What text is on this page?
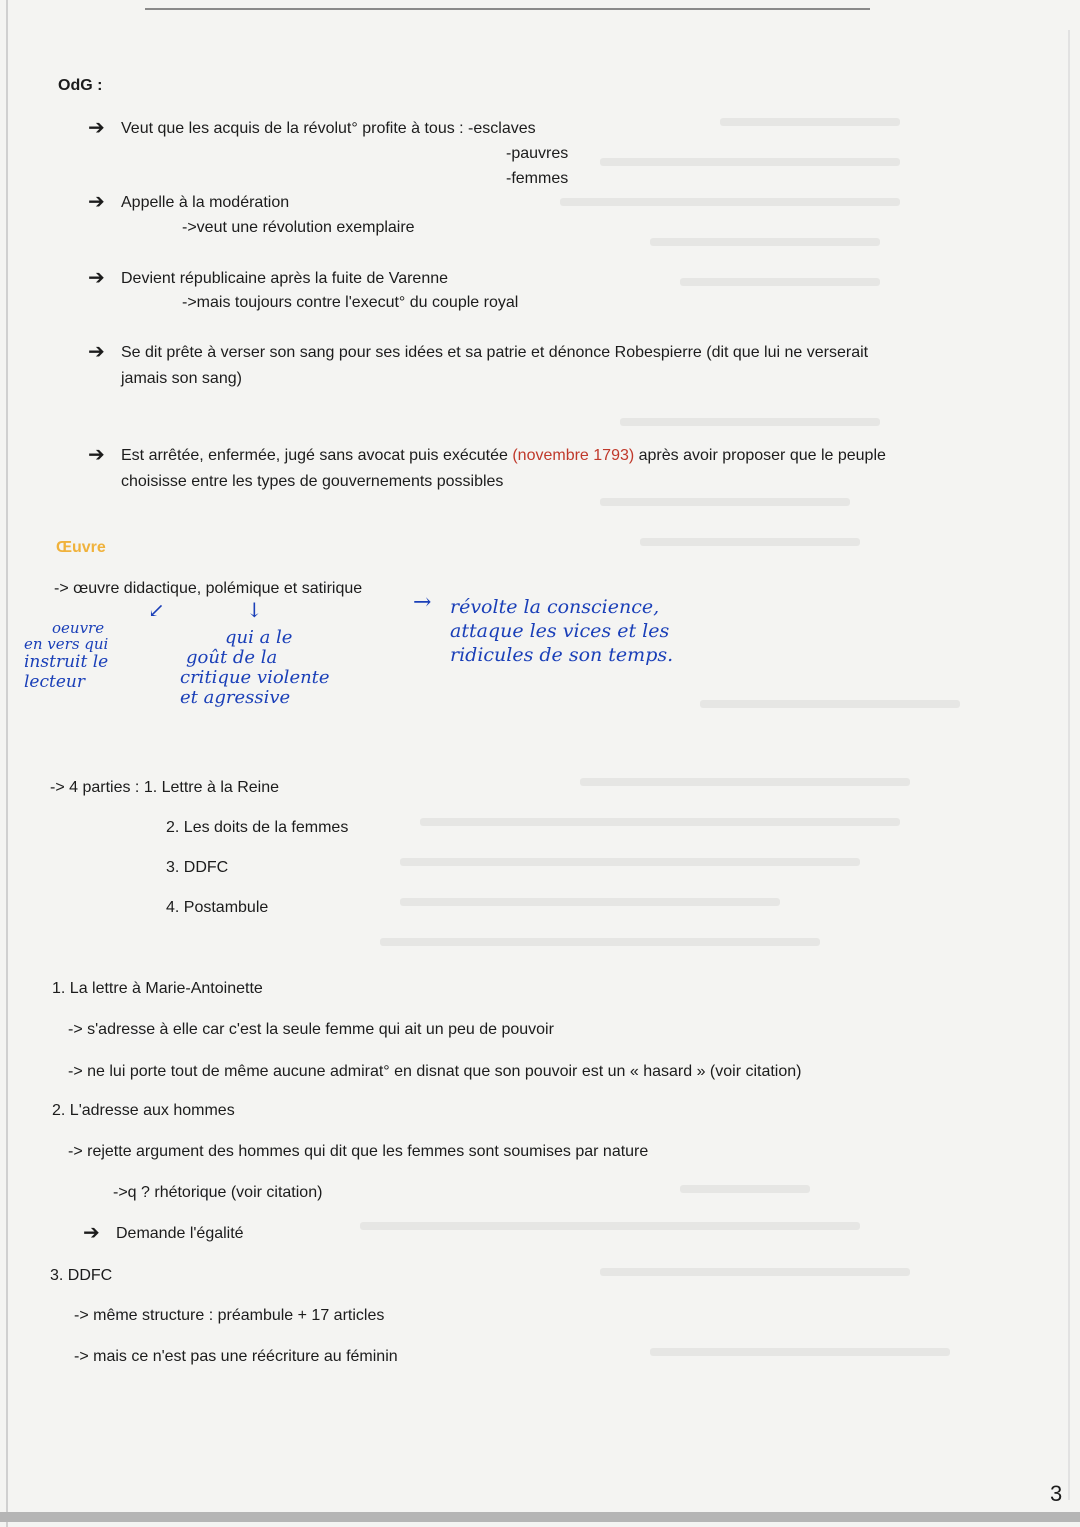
OdG :
➔ Veut que les acquis de la révolut° profite à tous : -esclaves
-pauvres
-femmes
➔ Appelle à la modération
->veut une révolution exemplaire
➔ Devient républicaine après la fuite de Varenne
->mais toujours contre l'execut° du couple royal
➔ Se dit prête à verser son sang pour ses idées et sa patrie et dénonce Robespierre (dit que lui ne verserait
jamais son sang)
➔ Est arrêtée, enfermée, jugé sans avocat puis exécutée (novembre 1793) après avoir proposer que le peuple
choisisse entre les types de gouvernements possibles
Œuvre
-> œuvre didactique, polémique et satirique
↙	↓	→
oeuvre
en vers qui
instruit le
lecteur
qui a le
goût de la
critique violente
et agressive
révolte la conscience,
attaque les vices et les
ridicules de son temps.
-> 4 parties : 1. Lettre à la Reine
2. Les doits de la femmes
3. DDFC
4. Postambule
1. La lettre à Marie-Antoinette
-> s'adresse à elle car c'est la seule femme qui ait un peu de pouvoir
-> ne lui porte tout de même aucune admirat° en disnat que son pouvoir est un « hasard » (voir citation)
2. L'adresse aux hommes
-> rejette argument des hommes qui dit que les femmes sont soumises par nature
->q ? rhétorique (voir citation)
➔ Demande l'égalité
3. DDFC
-> même structure : préambule + 17 articles
-> mais ce n'est pas une réécriture au féminin
3
